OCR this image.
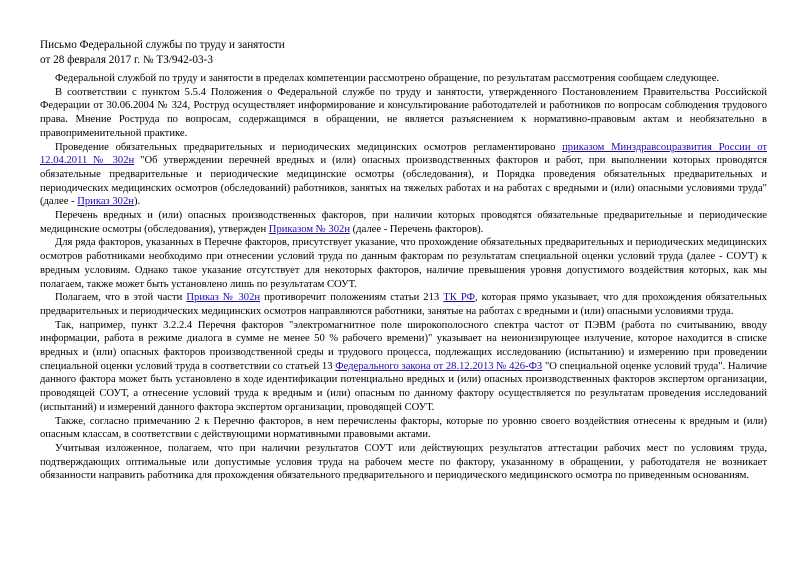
Письмо Федеральной службы по труду и занятости
от 28 февраля 2017 г. № ТЗ/942-03-3

Федеральной службой по труду и занятости в пределах компетенции рассмотрено обращение, по результатам рассмотрения сообщаем следующее.

В соответствии с пунктом 5.5.4 Положения о Федеральной службе по труду и занятости, утвержденного Постановлением Правительства Российской Федерации от 30.06.2004 № 324, Роструд осуществляет информирование и консультирование работодателей и работников по вопросам соблюдения трудового права. Мнение Роструда по вопросам, содержащимся в обращении, не является разъяснением к нормативно-правовым актам и необязательно в правоприменительной практике.

Проведение обязательных предварительных и периодических медицинских осмотров регламентировано приказом Минздравсоцразвития России от 12.04.2011 № 302н "Об утверждении перечней вредных и (или) опасных производственных факторов и работ, при выполнении которых проводятся обязательные предварительные и периодические медицинские осмотры (обследования), и Порядка проведения обязательных предварительных и периодических медицинских осмотров (обследований) работников, занятых на тяжелых работах и на работах с вредными и (или) опасными условиями труда" (далее - Приказ 302н).

Перечень вредных и (или) опасных производственных факторов, при наличии которых проводятся обязательные предварительные и периодические медицинские осмотры (обследования), утвержден Приказом № 302н (далее - Перечень факторов).

Для ряда факторов, указанных в Перечне факторов, присутствует указание, что прохождение обязательных предварительных и периодических медицинских осмотров работниками необходимо при отнесении условий труда по данным факторам по результатам специальной оценки условий труда (далее - СОУТ) к вредным условиям. Однако такое указание отсутствует для некоторых факторов, наличие превышения уровня допустимого воздействия которых, как мы полагаем, также может быть установлено лишь по результатам СОУТ.

Полагаем, что в этой части Приказ № 302н противоречит положениям статьи 213 ТК РФ, которая прямо указывает, что для прохождения обязательных предварительных и периодических медицинских осмотров направляются работники, занятые на работах с вредными и (или) опасными условиями труда.

Так, например, пункт 3.2.2.4 Перечня факторов "электромагнитное поле широкополосного спектра частот от ПЭВМ (работа по считыванию, вводу информации, работа в режиме диалога в сумме не менее 50 % рабочего времени)" указывает на неионизирующее излучение, которое находится в списке вредных и (или) опасных факторов производственной среды и трудового процесса, подлежащих исследованию (испытанию) и измерению при проведении специальной оценки условий труда в соответствии со статьей 13 Федерального закона от 28.12.2013 № 426-ФЗ "О специальной оценке условий труда". Наличие данного фактора может быть установлено в ходе идентификации потенциально вредных и (или) опасных производственных факторов экспертом организации, проводящей СОУТ, а отнесение условий труда к вредным и (или) опасным по данному фактору осуществляется по результатам проведения исследований (испытаний) и измерений данного фактора экспертом организации, проводящей СОУТ.

Также, согласно примечанию 2 к Перечню факторов, в нем перечислены факторы, которые по уровню своего воздействия отнесены к вредным и (или) опасным классам, в соответствии с действующими нормативными правовыми актами.

Учитывая изложенное, полагаем, что при наличии результатов СОУТ или действующих результатов аттестации рабочих мест по условиям труда, подтверждающих оптимальные или допустимые условия труда на рабочем месте по фактору, указанному в обращении, у работодателя не возникает обязанности направить работника для прохождения обязательного предварительного и периодического медицинского осмотра по приведенным основаниям.
